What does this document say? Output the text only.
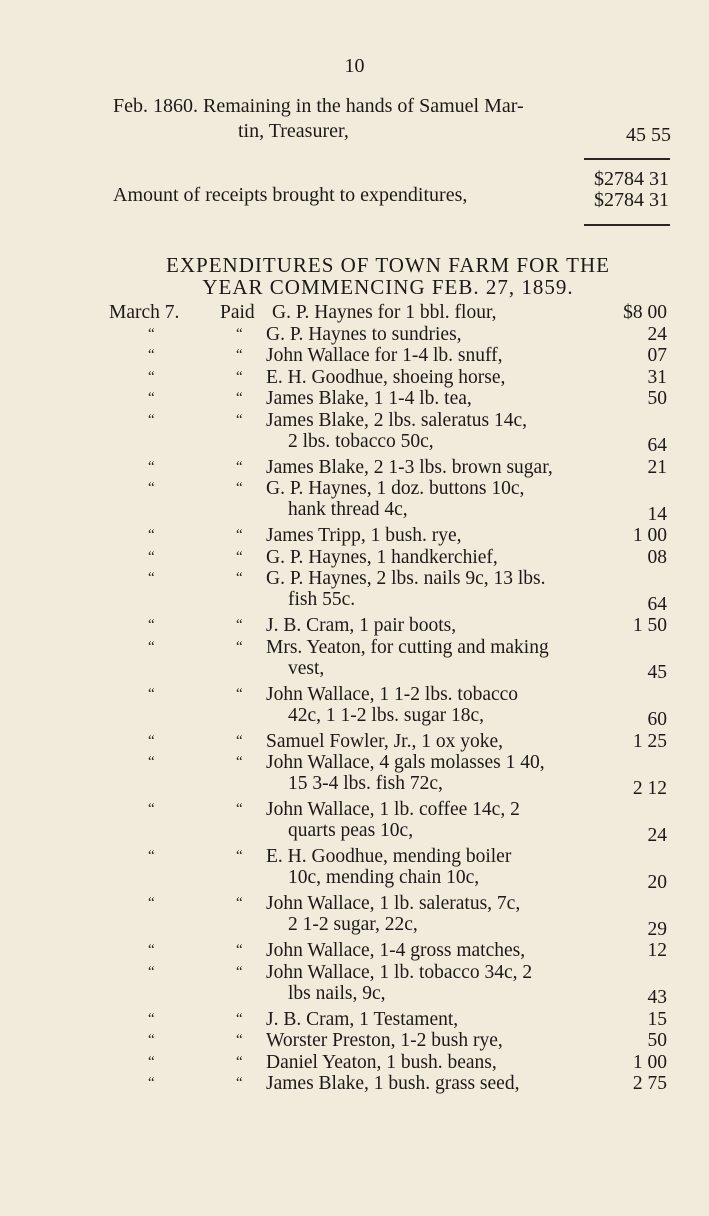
10
Feb. 1860. Remaining in the hands of Samuel Mar-
tin, Treasurer,	45 55
$2784 31
Amount of receipts brought to expenditures,	$2784 31
EXPENDITURES OF TOWN FARM FOR THE
YEAR COMMENCING FEB. 27, 1859.
March 7. Paid G. P. Haynes for 1 bbl. flour,	$8 00
“	“ G. P. Haynes to sundries,	24
“	“ John Wallace for 1-4 lb. snuff,	07
“	“ E. H. Goodhue, shoeing horse,	31
“	“ James Blake, 1 1-4 lb. tea,	50
“	“ James Blake, 2 lbs. saleratus 14c,
2 lbs. tobacco 50c,	64
“	“ James Blake, 2 1-3 lbs. brown sugar,	21
“	“ G. P. Haynes, 1 doz. buttons 10c,
hank thread 4c,	14
“	“ James Tripp, 1 bush. rye,	1 00
“	“ G. P. Haynes, 1 handkerchief,	08
“	“ G. P. Haynes, 2 lbs. nails 9c, 13 lbs.
fish 55c.	64
“	“ J. B. Cram, 1 pair boots,	1 50
“	“ Mrs. Yeaton, for cutting and making
vest,	45
“	“ John Wallace, 1 1-2 lbs. tobacco
42c, 1 1-2 lbs. sugar 18c,	60
“	“ Samuel Fowler, Jr., 1 ox yoke,	1 25
“	“ John Wallace, 4 gals molasses 1 40,
15 3-4 lbs. fish 72c,	2 12
“	“ John Wallace, 1 lb. coffee 14c, 2
quarts peas 10c,	24
“	“ E. H. Goodhue, mending boiler
10c, mending chain 10c,	20
“	“ John Wallace, 1 lb. saleratus, 7c,
2 1-2 sugar, 22c,	29
“	“ John Wallace, 1-4 gross matches,	12
“	“ John Wallace, 1 lb. tobacco 34c, 2
lbs nails, 9c,	43
“	“ J. B. Cram, 1 Testament,	15
“	“ Worster Preston, 1-2 bush rye,	50
“	“ Daniel Yeaton, 1 bush. beans,	1 00
“	“ James Blake, 1 bush. grass seed,	2 75
